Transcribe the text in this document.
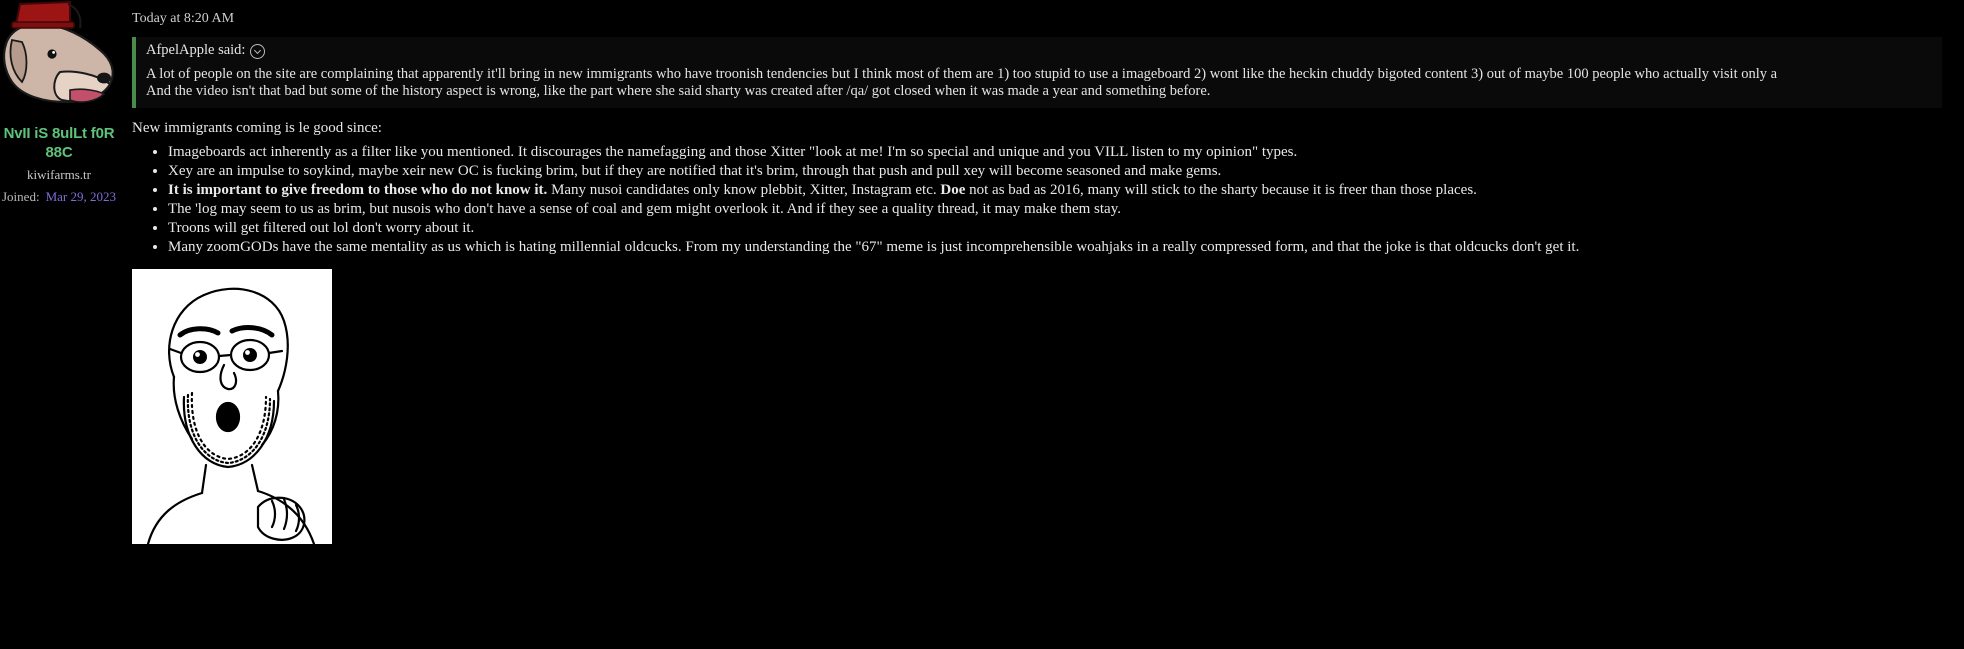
NvII iS 8ulLt f0R 88C
kiwifarms.tr
Joined: Mar 29, 2023
Today at 8:20 AM
AfpelApple said:
A lot of people on the site are complaining that apparently it'll bring in new immigrants who have troonish tendencies but I think most of them are 1) too stupid to use a imageboard 2) wont like the heckin chuddy bigoted content 3) out of maybe 100 people who actually visit only a
And the video isn't that bad but some of the history aspect is wrong, like the part where she said sharty was created after /qa/ got closed when it was made a year and something before.
New immigrants coming is le good since:
• Imageboards act inherently as a filter like you mentioned. It discourages the namefagging and those Xitter "look at me! I'm so special and unique and you VILL listen to my opinion" types.
• Xey are an impulse to soykind, maybe xeir new OC is fucking brim, but if they are notified that it's brim, through that push and pull xey will become seasoned and make gems.
• It is important to give freedom to those who do not know it. Many nusoi candidates only know plebbit, Xitter, Instagram etc. Doe not as bad as 2016, many will stick to the sharty because it is freer than those places.
• The 'log may seem to us as brim, but nusois who don't have a sense of coal and gem might overlook it. And if they see a quality thread, it may make them stay.
• Troons will get filtered out lol don't worry about it.
• Many zoomGODs have the same mentality as us which is hating millennial oldcucks. From my understanding the "67" meme is just incomprehensible woahjaks in a really compressed form, and that the joke is that oldcucks don't get it.
